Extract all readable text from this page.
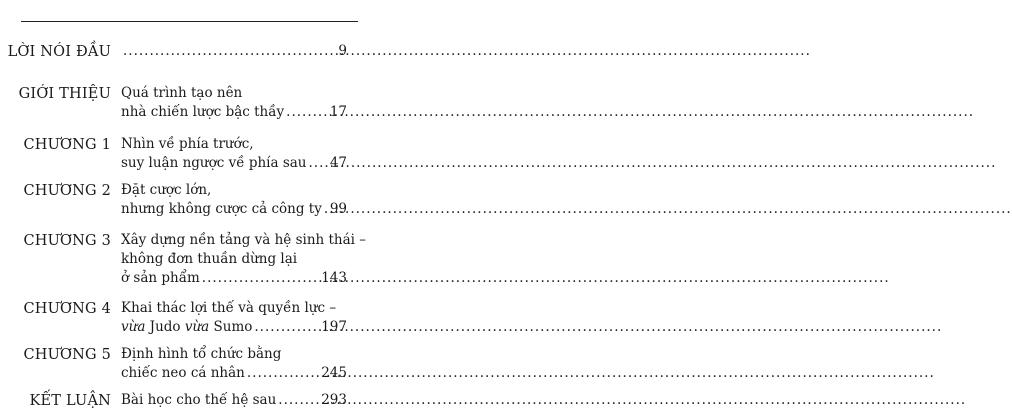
LỜI NÓI ĐẦU .....	9
GIỚI THIỆU Quá trình tạo nên
nhà chiến lược bậc thầy .....	17
CHƯƠNG 1 Nhìn về phía trước,
suy luận ngược về phía sau .....	47
CHƯƠNG 2 Đặt cược lớn,
nhưng không cược cả công ty ..... 99
CHƯƠNG 3 Xây dựng nền tảng và hệ sinh thái –
không đơn thuần dừng lại
ở sản phẩm .....	143
CHƯƠNG 4 Khai thác lợi thế và quyền lực –
vừa Judo vừa Sumo .....	197
CHƯƠNG 5 Định hình tổ chức bằng
chiếc neo cá nhân .....	245
KẾT LUẬN Bài học cho thế hệ sau .....	293
